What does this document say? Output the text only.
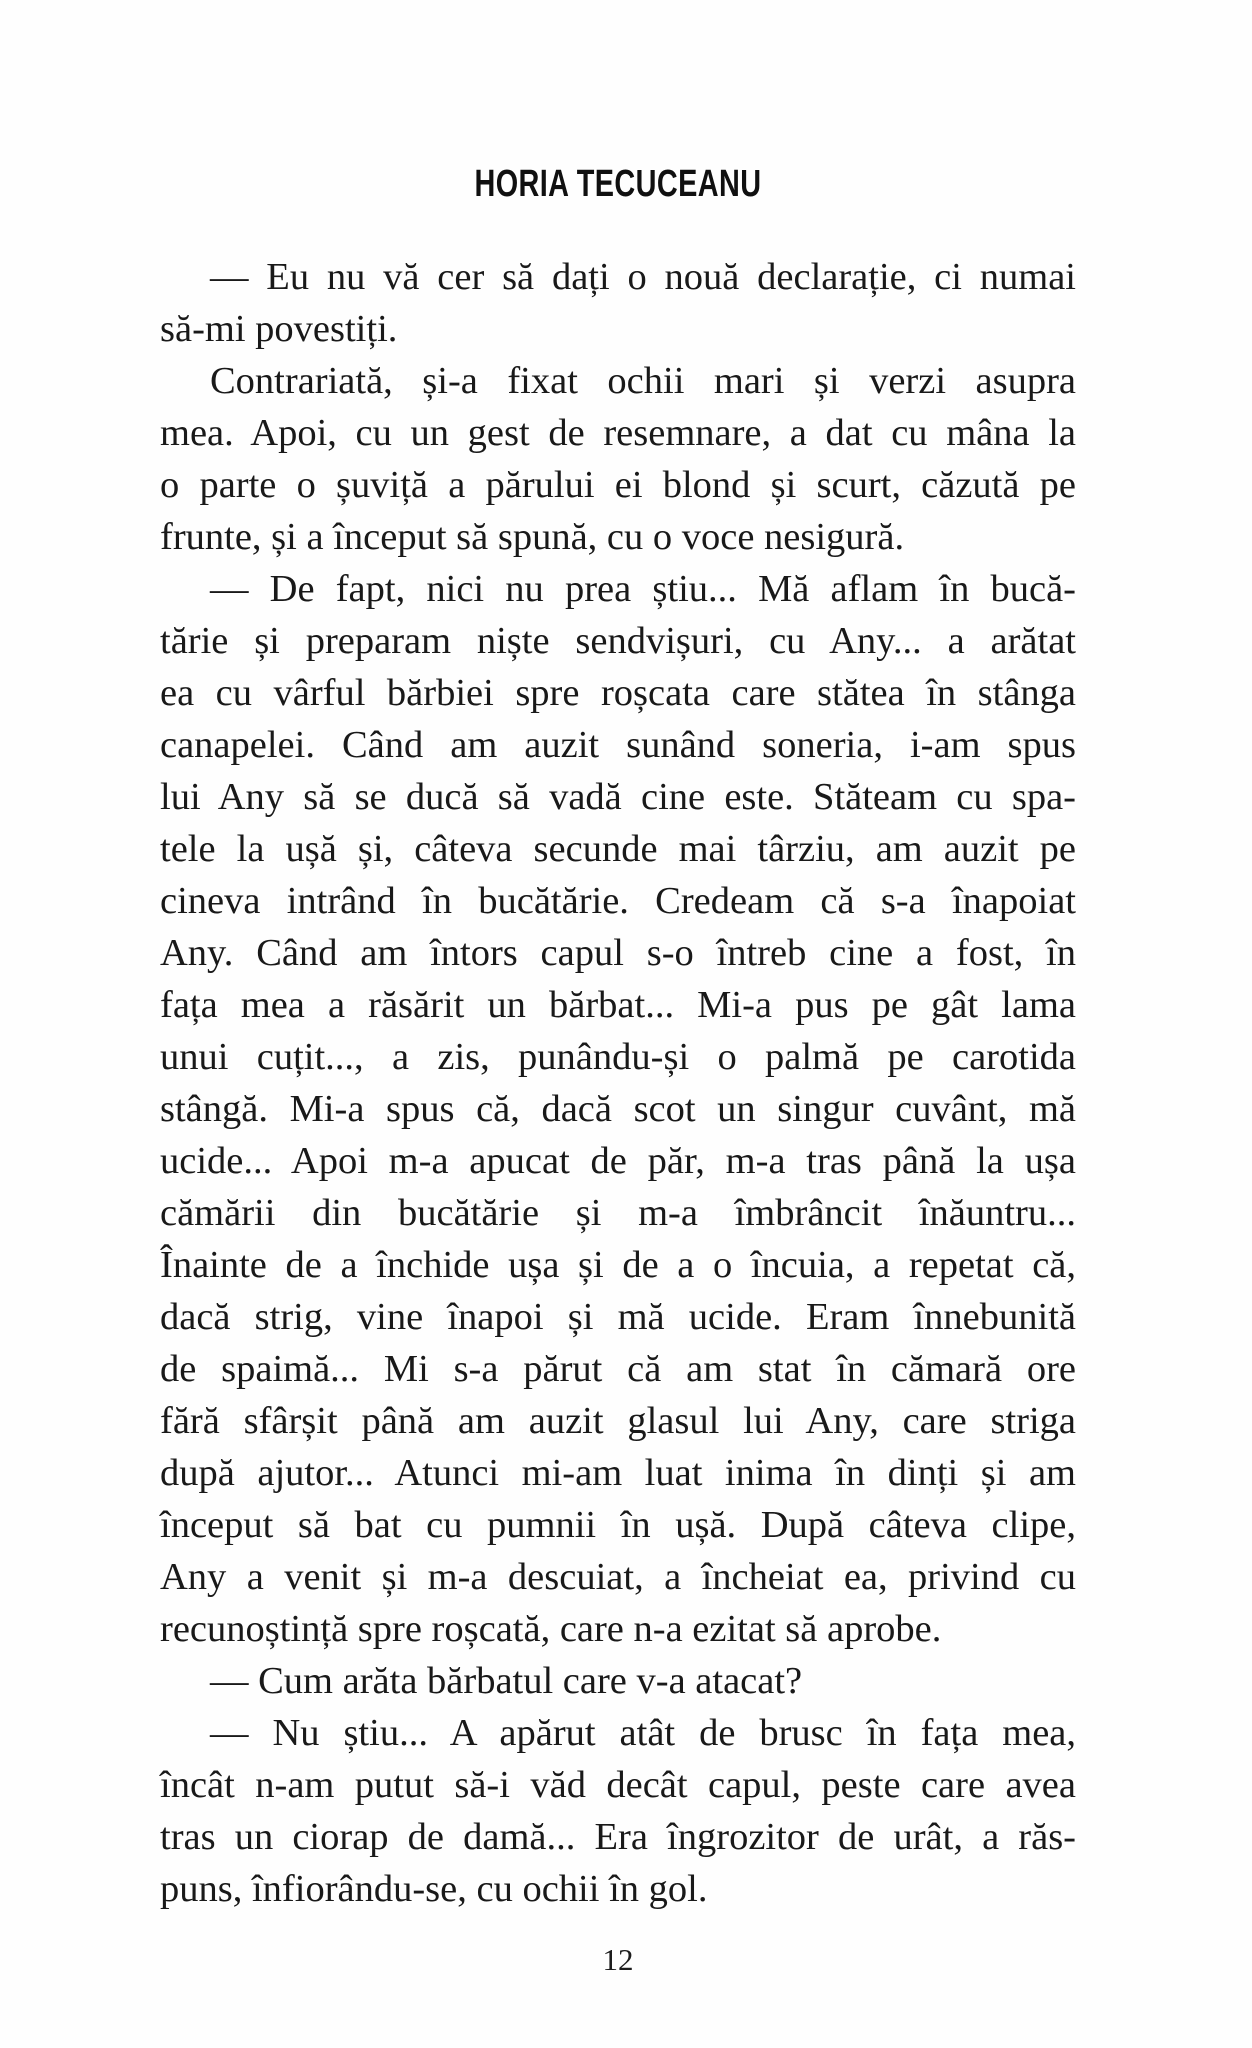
HORIA TECUCEANU
— Eu nu vă cer să dați o nouă declarație, ci numai
să-mi povestiți.
Contrariată, și-a fixat ochii mari și verzi asupra
mea. Apoi, cu un gest de resemnare, a dat cu mâna la
o parte o șuviță a părului ei blond și scurt, căzută pe
frunte, și a început să spună, cu o voce nesigură.
— De fapt, nici nu prea știu... Mă aflam în bucă-
tărie și preparam niște sendvișuri, cu Any... a arătat
ea cu vârful bărbiei spre roșcata care stătea în stânga
canapelei. Când am auzit sunând soneria, i-am spus
lui Any să se ducă să vadă cine este. Stăteam cu spa-
tele la ușă și, câteva secunde mai târziu, am auzit pe
cineva intrând în bucătărie. Credeam că s-a înapoiat
Any. Când am întors capul s-o întreb cine a fost, în
fața mea a răsărit un bărbat... Mi-a pus pe gât lama
unui cuțit..., a zis, punându-și o palmă pe carotida
stângă. Mi-a spus că, dacă scot un singur cuvânt, mă
ucide... Apoi m-a apucat de păr, m-a tras până la ușa
cămării din bucătărie și m-a îmbrâncit înăuntru...
Înainte de a închide ușa și de a o încuia, a repetat că,
dacă strig, vine înapoi și mă ucide. Eram înnebunită
de spaimă... Mi s-a părut că am stat în cămară ore
fără sfârșit până am auzit glasul lui Any, care striga
după ajutor... Atunci mi-am luat inima în dinți și am
început să bat cu pumnii în ușă. După câteva clipe,
Any a venit și m-a descuiat, a încheiat ea, privind cu
recunoștință spre roșcată, care n-a ezitat să aprobe.
— Cum arăta bărbatul care v-a atacat?
— Nu știu... A apărut atât de brusc în fața mea,
încât n-am putut să-i văd decât capul, peste care avea
tras un ciorap de damă... Era îngrozitor de urât, a răs-
puns, înfiorându-se, cu ochii în gol.
12
